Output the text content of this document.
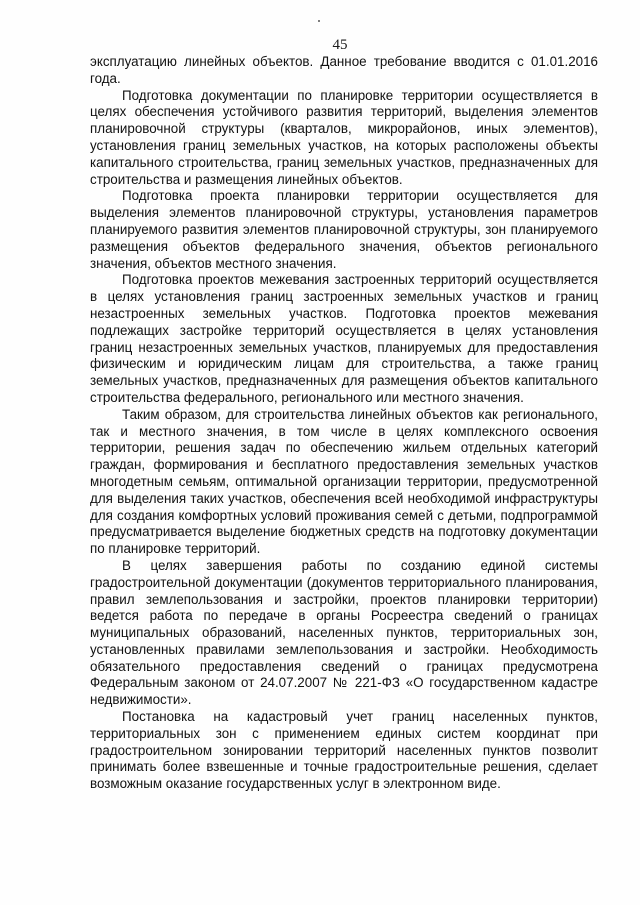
45

эксплуатацию линейных объектов. Данное требование вводится с 01.01.2016 года.

Подготовка документации по планировке территории осуществляется в целях обеспечения устойчивого развития территорий, выделения элементов планировочной структуры (кварталов, микрорайонов, иных элементов), установления границ земельных участков, на которых расположены объекты капитального строительства, границ земельных участков, предназначенных для строительства и размещения линейных объектов.

Подготовка проекта планировки территории осуществляется для выделения элементов планировочной структуры, установления параметров планируемого развития элементов планировочной структуры, зон планируемого размещения объектов федерального значения, объектов регионального значения, объектов местного значения.

Подготовка проектов межевания застроенных территорий осуществляется в целях установления границ застроенных земельных участков и границ незастроенных земельных участков. Подготовка проектов межевания подлежащих застройке территорий осуществляется в целях установления границ незастроенных земельных участков, планируемых для предоставления физическим и юридическим лицам для строительства, а также границ земельных участков, предназначенных для размещения объектов капитального строительства федерального, регионального или местного значения.

Таким образом, для строительства линейных объектов как регионального, так и местного значения, в том числе в целях комплексного освоения территории, решения задач по обеспечению жильем отдельных категорий граждан, формирования и бесплатного предоставления земельных участков многодетным семьям, оптимальной организации территории, предусмотренной для выделения таких участков, обеспечения всей необходимой инфраструктуры для создания комфортных условий проживания семей с детьми, подпрограммой предусматривается выделение бюджетных средств на подготовку документации по планировке территорий.

В целях завершения работы по созданию единой системы градостроительной документации (документов территориального планирования, правил землепользования и застройки, проектов планировки территории) ведется работа по передаче в органы Росреестра сведений о границах муниципальных образований, населенных пунктов, территориальных зон, установленных правилами землепользования и застройки. Необходимость обязательного предоставления сведений о границах предусмотрена Федеральным законом от 24.07.2007 № 221-ФЗ «О государственном кадастре недвижимости».

Постановка на кадастровый учет границ населенных пунктов, территориальных зон с применением единых систем координат при градостроительном зонировании территорий населенных пунктов позволит принимать более взвешенные и точные градостроительные решения, сделает возможным оказание государственных услуг в электронном виде.
